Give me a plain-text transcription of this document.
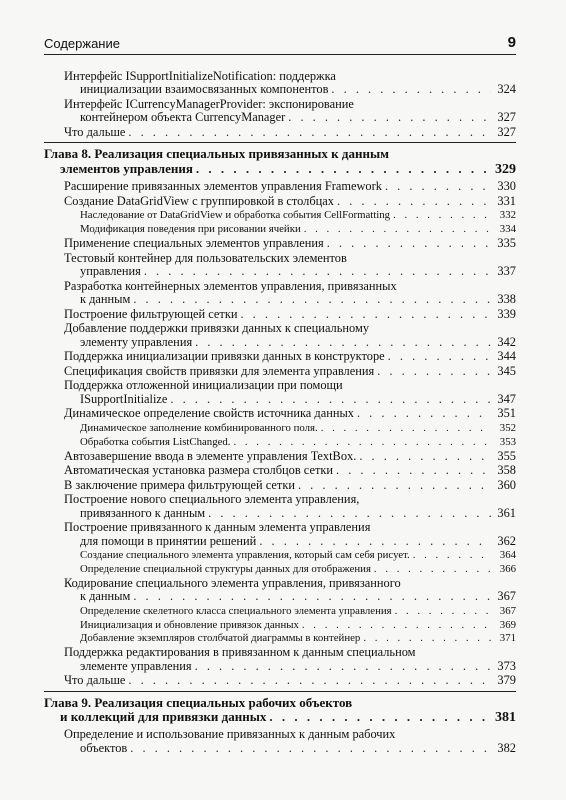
Содержание	9
Интерфейс ISupportInitializeNotification: поддержка
инициализации взаимосвязанных компонентов . . .	324
Интерфейс ICurrencyManagerProvider: экспонирование
контейнером объекта CurrencyManager . . .	327
Что дальше . . .	327
Глава 8. Реализация специальных привязанных к данным
элементов управления . . .	329
Расширение привязанных элементов управления Framework . . .	330
Создание DataGridView с группировкой в столбцах . . .	331
Наследование от DataGridView и обработка события CellFormatting . . .	332
Модификация поведения при рисовании ячейки . . .	334
Применение специальных элементов управления . . .	335
Тестовый контейнер для пользовательских элементов
управления . . .	337
Разработка контейнерных элементов управления, привязанных
к данным . . .	338
Построение фильтрующей сетки . . .	339
Добавление поддержки привязки данных к специальному
элементу управления . . .	342
Поддержка инициализации привязки данных в конструкторе . . .	344
Спецификация свойств привязки для элемента управления . . .	345
Поддержка отложенной инициализации при помощи
ISupportInitialize . . .	347
Динамическое определение свойств источника данных . . .	351
Динамическое заполнение комбинированного поля. . . .	352
Обработка события ListChanged. . . .	353
Автозавершение ввода в элементе управления TextBox. . . .	355
Автоматическая установка размера столбцов сетки . . .	358
В заключение примера фильтрующей сетки . . .	360
Построение нового специального элемента управления,
привязанного к данным . . .	361
Построение привязанного к данным элемента управления
для помощи в принятии решений . . .	362
Создание специального элемента управления, который сам себя рисует. . . .	364
Определение специальной структуры данных для отображения . . .	366
Кодирование специального элемента управления, привязанного
к данным . . .	367
Определение скелетного класса специального элемента управления . . .	367
Инициализация и обновление привязок данных . . .	369
Добавление экземпляров столбчатой диаграммы в контейнер . . .	371
Поддержка редактирования в привязанном к данным специальном
элементе управления . . .	373
Что дальше . . .	379
Глава 9. Реализация специальных рабочих объектов
и коллекций для привязки данных . . .	381
Определение и использование привязанных к данным рабочих
объектов . . .	382
